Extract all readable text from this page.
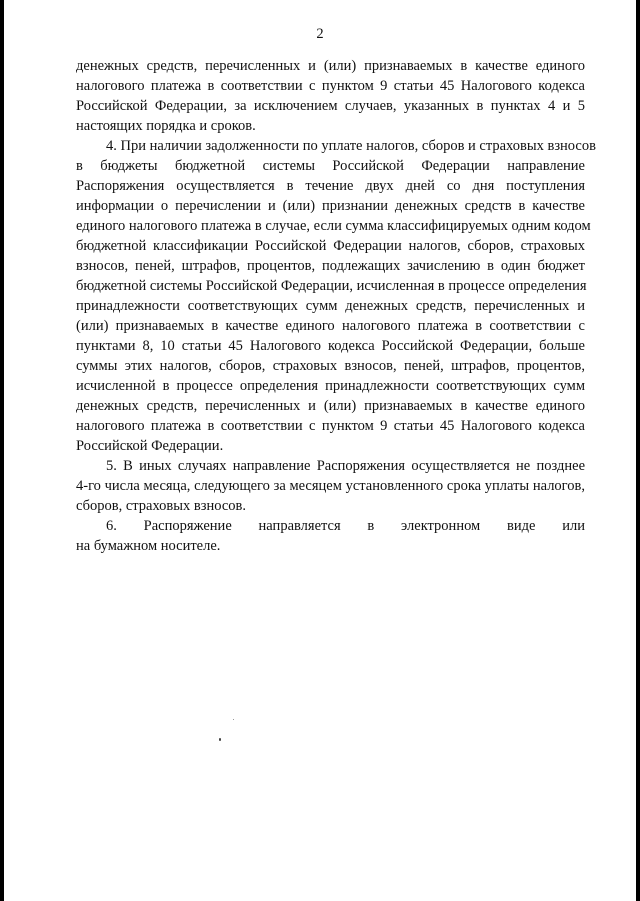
2
денежных средств, перечисленных и (или) признаваемых в качестве единого
налогового платежа в соответствии с пунктом 9 статьи 45 Налогового кодекса
Российской Федерации, за исключением случаев, указанных в пунктах 4 и 5
настоящих порядка и сроков.
4. При наличии задолженности по уплате налогов, сборов и страховых взносов
в бюджеты бюджетной системы Российской Федерации направление
Распоряжения осуществляется в течение двух дней со дня поступления
информации о перечислении и (или) признании денежных средств в качестве
единого налогового платежа в случае, если сумма классифицируемых одним кодом
бюджетной классификации Российской Федерации налогов, сборов, страховых
взносов, пеней, штрафов, процентов, подлежащих зачислению в один бюджет
бюджетной системы Российской Федерации, исчисленная в процессе определения
принадлежности соответствующих сумм денежных средств, перечисленных и
(или) признаваемых в качестве единого налогового платежа в соответствии с
пунктами 8, 10 статьи 45 Налогового кодекса Российской Федерации, больше
суммы этих налогов, сборов, страховых взносов, пеней, штрафов, процентов,
исчисленной в процессе определения принадлежности соответствующих сумм
денежных средств, перечисленных и (или) признаваемых в качестве единого
налогового платежа в соответствии с пунктом 9 статьи 45 Налогового кодекса
Российской Федерации.
5. В иных случаях направление Распоряжения осуществляется не позднее
4-го числа месяца, следующего за месяцем установленного срока уплаты налогов,
сборов, страховых взносов.
6. Распоряжение направляется в электронном виде или
на бумажном носителе.
